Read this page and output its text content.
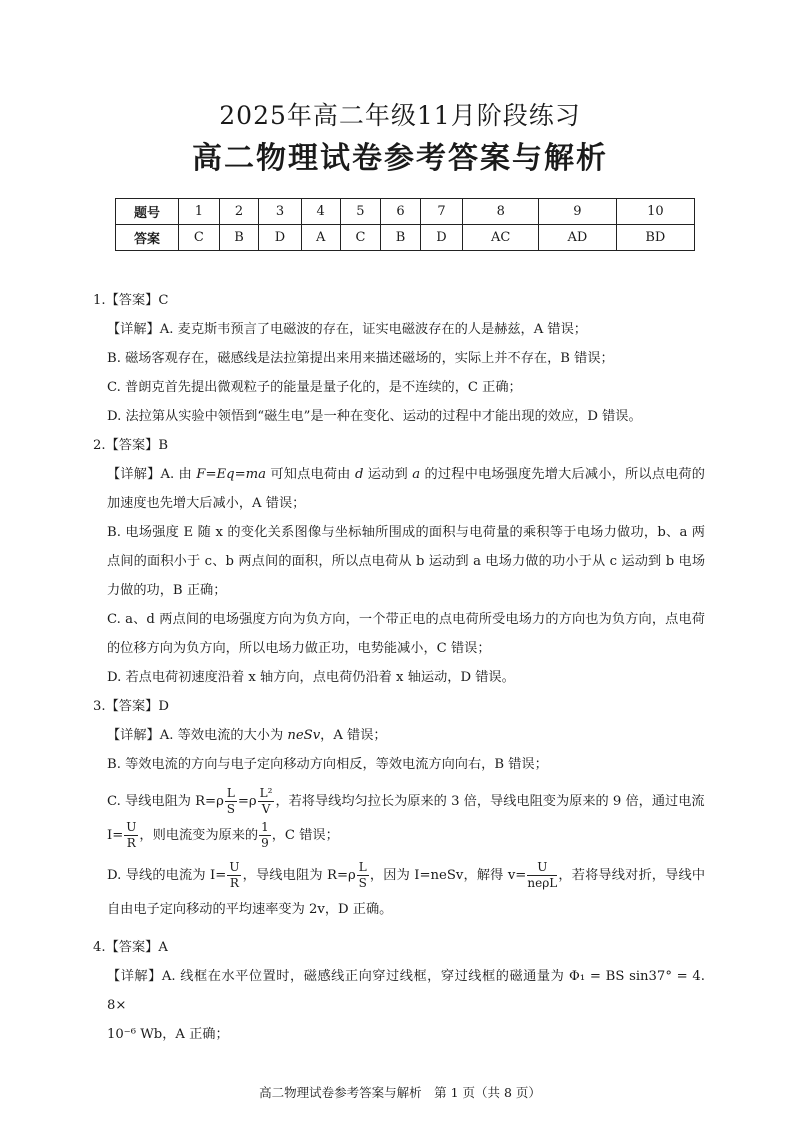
2025年高二年级11月阶段练习
高二物理试卷参考答案与解析
题号	1	2	3	4	5	6	7	8	9	10
答案	C	B	D	A	C	B	D	AC	AD	BD

1.【答案】C

【详解】A. 麦克斯韦预言了电磁波的存在，证实电磁波存在的人是赫兹，A 错误；

B. 磁场客观存在，磁感线是法拉第提出来用来描述磁场的，实际上并不存在，B 错误；

C. 普朗克首先提出微观粒子的能量是量子化的，是不连续的，C 正确；

D. 法拉第从实验中领悟到“磁生电”是一种在变化、运动的过程中才能出现的效应，D 错误。

2.【答案】B

【详解】A. 由 F=Eq=ma 可知点电荷由 d 运动到 a 的过程中电场强度先增大后减小，所以点电荷的加速度也先增大后减小，A 错误；

B. 电场强度 E 随 x 的变化关系图像与坐标轴所围成的面积与电荷量的乘积等于电场力做功，b、a 两点间的面积小于 c、b 两点间的面积，所以点电荷从 b 运动到 a 电场力做的功小于从 c 运动到 b 电场力做的功，B 正确；

C. a、d 两点间的电场强度方向为负方向，一个带正电的点电荷所受电场力的方向也为负方向，点电荷的位移方向为负方向，所以电场力做正功，电势能减小，C 错误；

D. 若点电荷初速度沿着 x 轴方向，点电荷仍沿着 x 轴运动，D 错误。

3.【答案】D

【详解】A. 等效电流的大小为 neSv，A 错误；

B. 等效电流的方向与电子定向移动方向相反，等效电流方向向右，B 错误；

C. 导线电阻为 $R=\rho \frac{L}{S} =\rho \frac{\text{L²}}{V}$ ，若将导线均匀拉长为原来的 3 倍，导线电阻变为原来的 9 倍，通过电流
$I= \frac{U}{R}$ ，则电流变为原来的 $\frac{1}{9}$ ，C 错误；

D. 导线的电流为 $I= \frac{U}{R}$ ，导线电阻为 $R=\rho \frac{L}{S}$ ，因为 I=neSv，解得 $v= \frac{U}{\text{neρL}}$ ，若将导线对折，导线中自由电子定向移动的平均速率变为 2v，D 正确。

4.【答案】A

【详解】A. 线框在水平位置时，磁感线正向穿过线框，穿过线框的磁通量为 Φ₁ = BS sin37° = 4. 8×

10⁻⁶ Wb，A 正确；

高二物理试卷参考答案与解析　第 1 页（共 8 页）
